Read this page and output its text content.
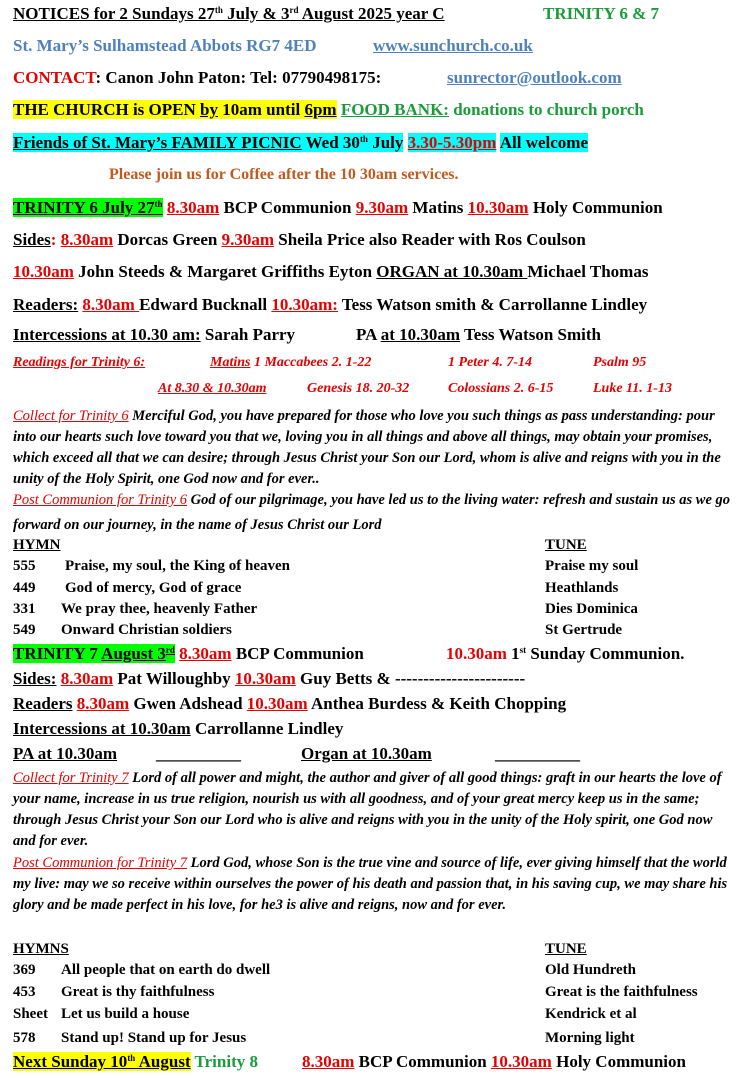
NOTICES for 2 Sundays 27th July & 3rd August 2025 year C	TRINITY 6 & 7
St. Mary’s Sulhamstead Abbots RG7 4ED	www.sunchurch.co.uk
CONTACT: Canon John Paton: Tel: 07790498175:	sunrector@outlook.com
THE CHURCH is OPEN by 10am until 6pm FOOD BANK: donations to church porch
Friends of St. Mary’s FAMILY PICNIC Wed 30th July 3.30-5.30pm All welcome
Please join us for Coffee after the 10 30am services.
TRINITY 6 July 27th 8.30am BCP Communion 9.30am Matins 10.30am Holy Communion
Sides: 8.30am Dorcas Green 9.30am Sheila Price also Reader with Ros Coulson
10.30am John Steeds & Margaret Griffiths Eyton ORGAN at 10.30am Michael Thomas
Readers: 8.30am Edward Bucknall 10.30am: Tess Watson smith & Carrollanne Lindley
Intercessions at 10.30 am: Sarah Parry	PA at 10.30am Tess Watson Smith
Readings for Trinity 6:	Matins 1 Maccabees 2. 1-22	1 Peter 4. 7-14	Psalm 95
At 8.30 & 10.30am	Genesis 18. 20-32	Colossians 2. 6-15	Luke 11. 1-13
Collect for Trinity 6 Merciful God, you have prepared for those who love you such things as pass understanding: pour into our hearts such love toward you that we, loving you in all things and above all things, may obtain your promises, which exceed all that we can desire; through Jesus Christ your Son our Lord, whom is alive and reigns with you in the unity of the Holy Spirit, one God now and for ever..
Post Communion for Trinity 6 God of our pilgrimage, you have led us to the living water: refresh and sustain us as we go forward on our journey, in the name of Jesus Christ our Lord
HYMN	TUNE
555 Praise, my soul, the King of heaven	Praise my soul
449 God of mercy, God of grace	Heathlands
331 We pray thee, heavenly Father	Dies Dominica
549 Onward Christian soldiers	St Gertrude
TRINITY 7 August 3rd 8.30am BCP Communion	10.30am 1st Sunday Communion.
Sides: 8.30am Pat Willoughby 10.30am Guy Betts & -----------------------
Readers 8.30am Gwen Adshead 10.30am Anthea Burdess & Keith Chopping
Intercessions at 10.30am Carrollanne Lindley
PA at 10.30am __________	Organ at 10.30am	__________
Collect for Trinity 7 Lord of all power and might, the author and giver of all good things: graft in our hearts the love of your name, increase in us true religion, nourish us with all goodness, and of your great mercy keep us in the same; through Jesus Christ your Son our Lord who is alive and reigns with you in the unity of the Holy spirit, one God now and for ever.
Post Communion for Trinity 7 Lord God, whose Son is the true vine and source of life, ever giving himself that the world my live: may we so receive within ourselves the power of his death and passion that, in his saving cup, we may share his glory and be made perfect in his love, for he3 is alive and reigns, now and for ever.
HYMNS	TUNE
369 All people that on earth do dwell	Old Hundreth
453 Great is thy faithfulness	Great is the faithfulness
Sheet Let us build a house	Kendrick et al
578 Stand up! Stand up for Jesus	Morning light
Next Sunday 10th August Trinity 8	8.30am BCP Communion 10.30am Holy Communion
